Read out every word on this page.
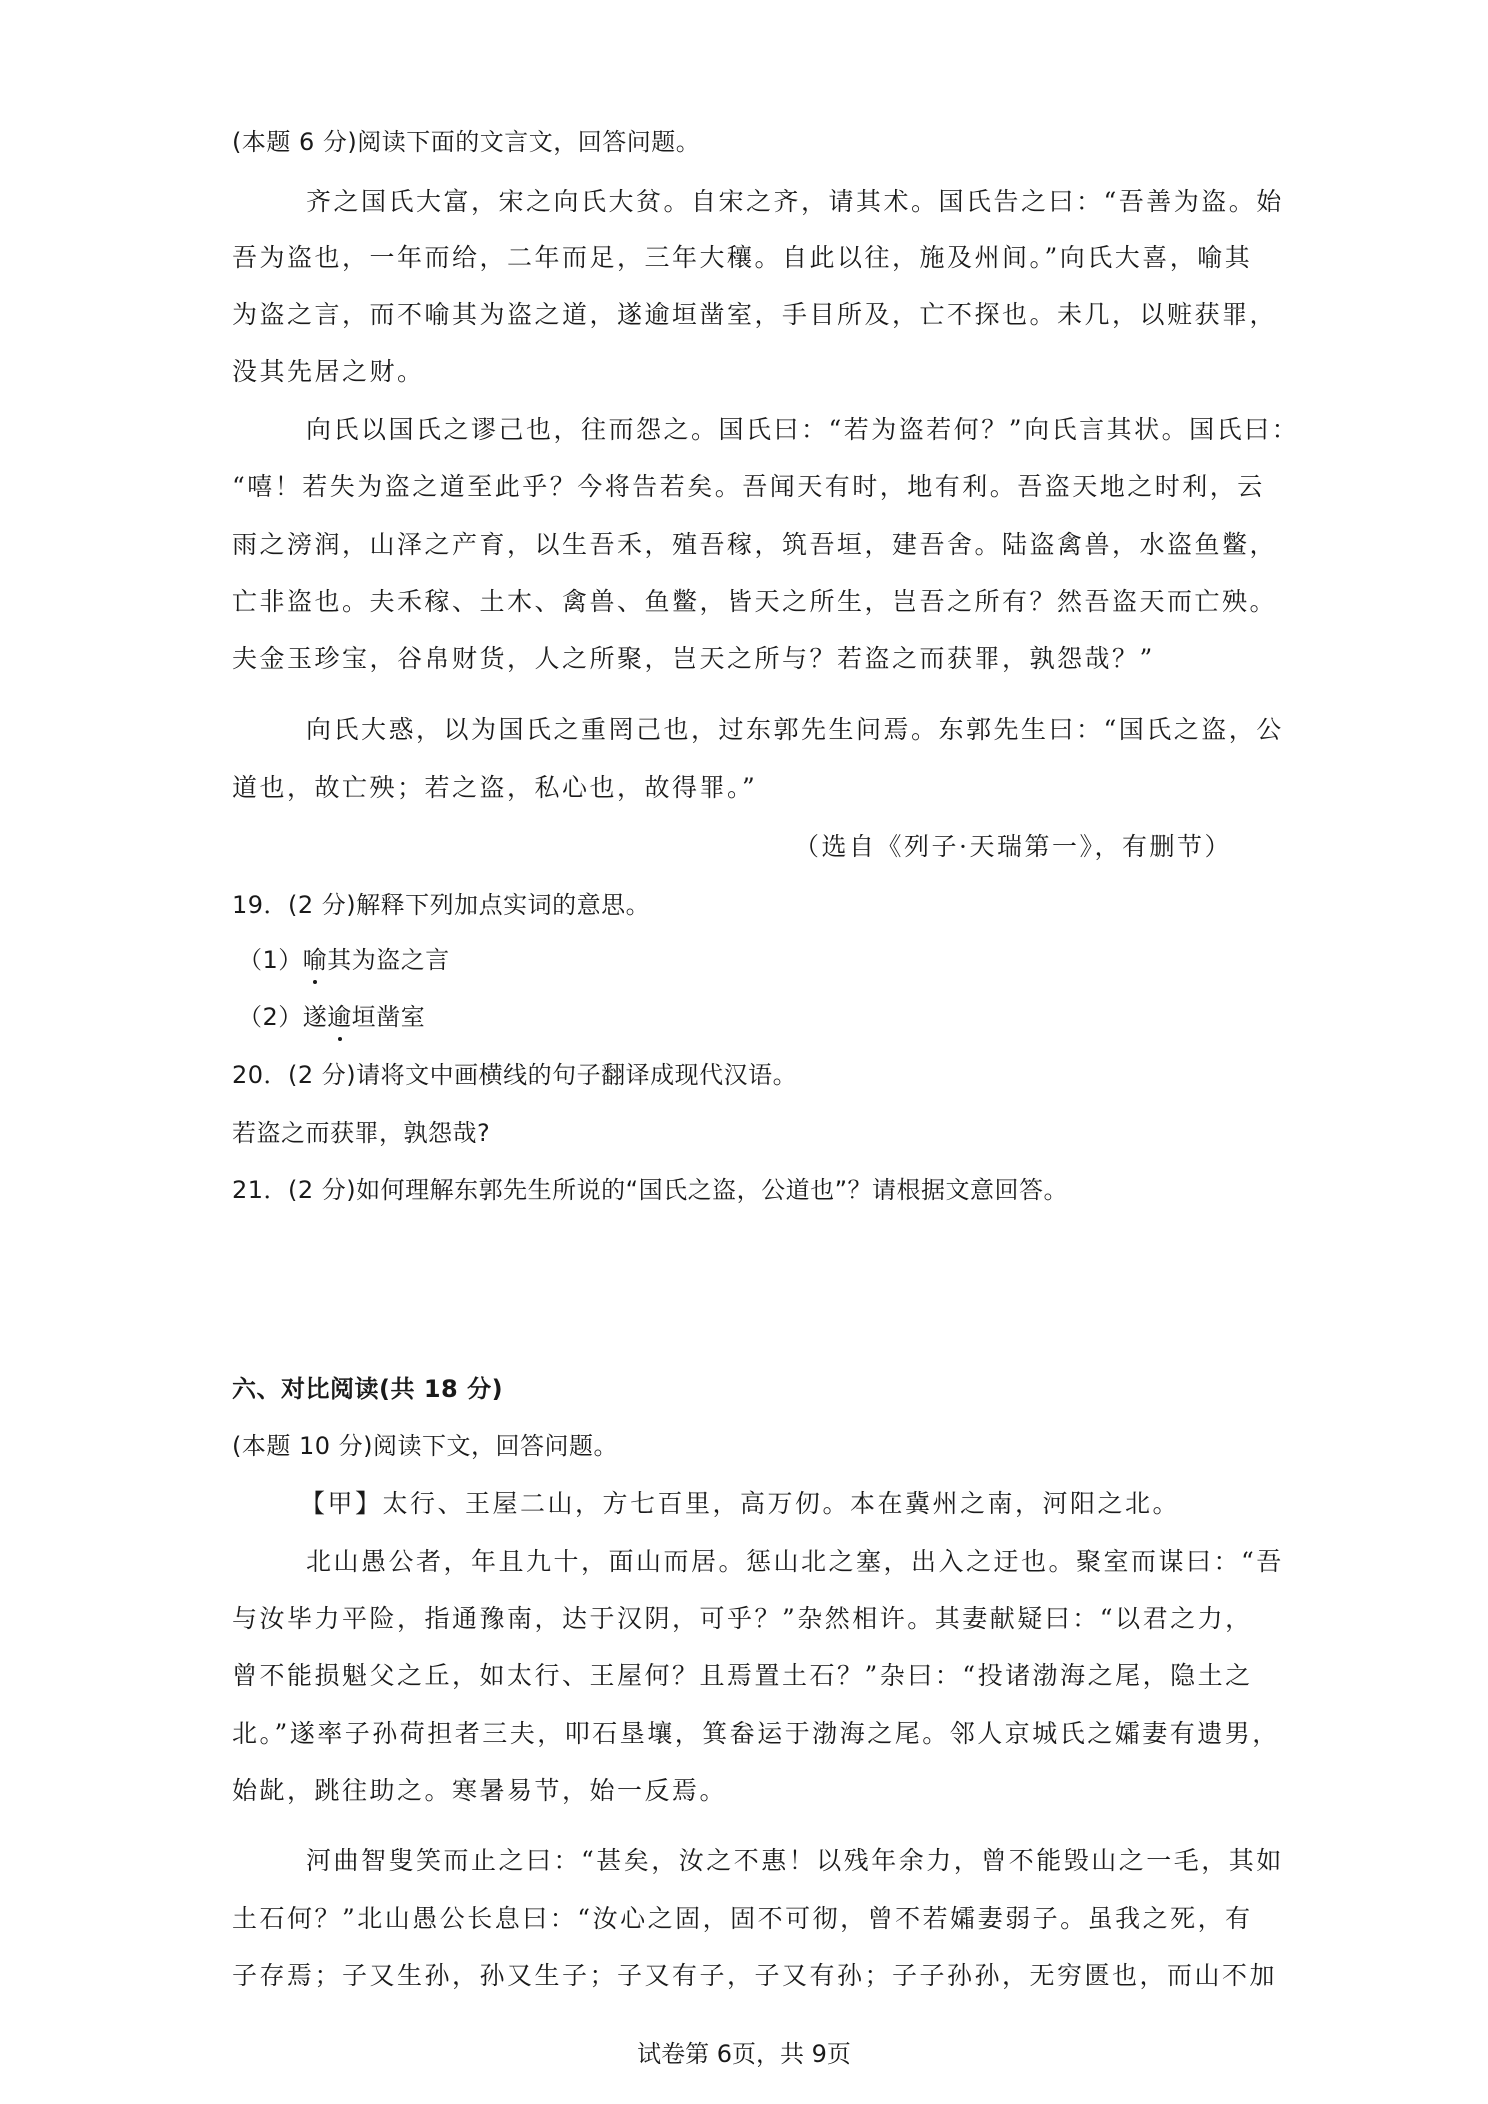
(本题 6 分)阅读下面的文言文，回答问题。
齐之国氏大富，宋之向氏大贫。自宋之齐，请其术。国氏告之曰：“吾善为盗。始
吾为盗也，一年而给，二年而足，三年大穰。自此以往，施及州间。”向氏大喜，喻其
为盗之言，而不喻其为盗之道，遂逾垣凿室，手目所及，亡不探也。未几，以赃获罪，
没其先居之财。
向氏以国氏之谬己也，往而怨之。国氏曰：“若为盗若何？”向氏言其状。国氏曰：
“嘻！若失为盗之道至此乎？今将告若矣。吾闻天有时，地有利。吾盗天地之时利，云
雨之滂润，山泽之产育，以生吾禾，殖吾稼，筑吾垣，建吾舍。陆盗禽兽，水盗鱼鳖，
亡非盗也。夫禾稼、土木、禽兽、鱼鳖，皆天之所生，岂吾之所有？然吾盗天而亡殃。
夫金玉珍宝，谷帛财货，人之所聚，岂天之所与？若盗之而获罪，孰怨哉？”
向氏大惑，以为国氏之重罔己也，过东郭先生问焉。东郭先生曰：“国氏之盗，公
道也，故亡殃；若之盗，私心也，故得罪。”
（选自《列子·天瑞第一》，有删节）
19．(2 分)解释下列加点实词的意思。
（1）喻其为盗之言
（2）遂逾垣凿室
20．(2 分)请将文中画横线的句子翻译成现代汉语。
若盗之而获罪，孰怨哉?
21．(2 分)如何理解东郭先生所说的“国氏之盗，公道也”？请根据文意回答。
六、对比阅读(共 18 分)
(本题 10 分)阅读下文，回答问题。
【甲】太行、王屋二山，方七百里，高万仞。本在冀州之南，河阳之北。
北山愚公者，年且九十，面山而居。惩山北之塞，出入之迂也。聚室而谋曰：“吾
与汝毕力平险，指通豫南，达于汉阴，可乎？”杂然相许。其妻献疑曰：“以君之力，
曾不能损魁父之丘，如太行、王屋何？且焉置土石？”杂曰：“投诸渤海之尾，隐土之
北。”遂率子孙荷担者三夫，叩石垦壤，箕畚运于渤海之尾。邻人京城氏之孀妻有遗男，
始龀，跳往助之。寒暑易节，始一反焉。
河曲智叟笑而止之曰：“甚矣，汝之不惠！以残年余力，曾不能毁山之一毛，其如
土石何？”北山愚公长息曰：“汝心之固，固不可彻，曾不若孀妻弱子。虽我之死，有
子存焉；子又生孙，孙又生子；子又有子，子又有孙；子子孙孙，无穷匮也，而山不加
试卷第 6页，共 9页
